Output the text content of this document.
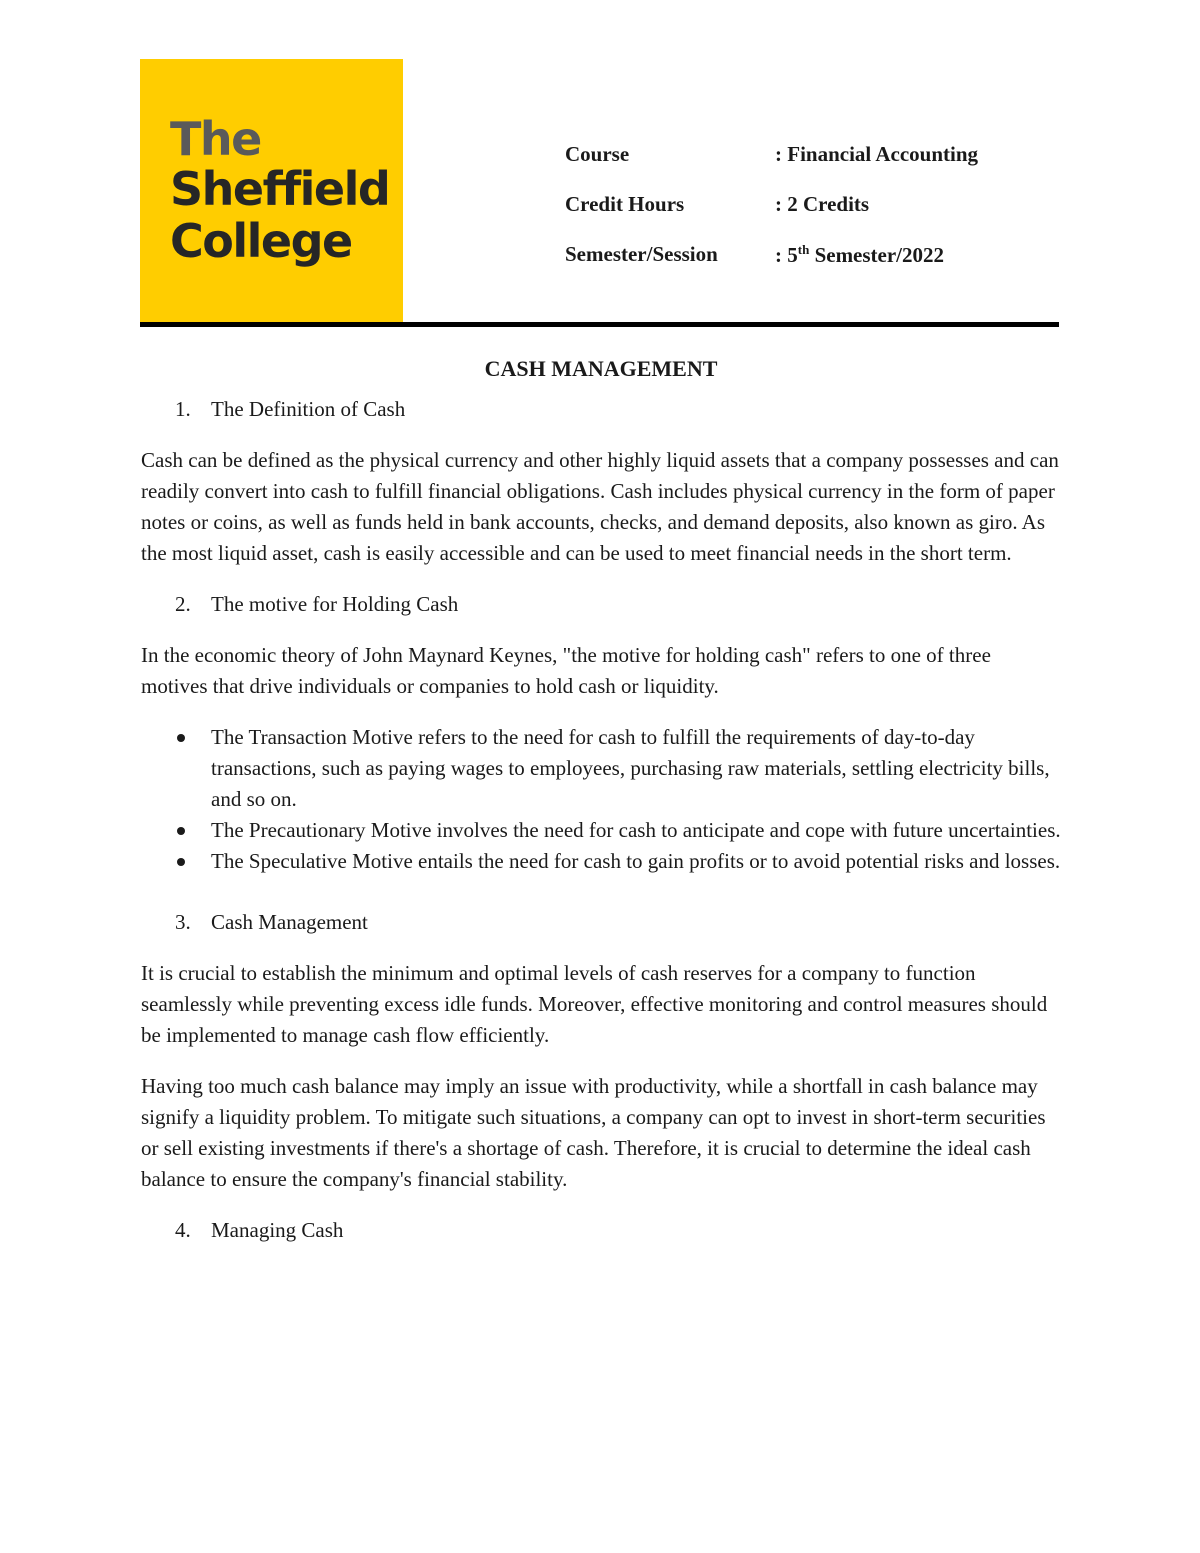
The
Sheffield
College
Course	: Financial Accounting
Credit Hours	: 2 Credits
Semester/Session	: 5th Semester/2022
CASH MANAGEMENT
1. The Definition of Cash

Cash can be defined as the physical currency and other highly liquid assets that a company possesses and can readily convert into cash to fulfill financial obligations. Cash includes physical currency in the form of paper notes or coins, as well as funds held in bank accounts, checks, and demand deposits, also known as giro. As the most liquid asset, cash is easily accessible and can be used to meet financial needs in the short term.

2. The motive for Holding Cash

In the economic theory of John Maynard Keynes, "the motive for holding cash" refers to one of three motives that drive individuals or companies to hold cash or liquidity.

The Transaction Motive refers to the need for cash to fulfill the requirements of day-to-day transactions, such as paying wages to employees, purchasing raw materials, settling electricity bills, and so on.
The Precautionary Motive involves the need for cash to anticipate and cope with future uncertainties.
The Speculative Motive entails the need for cash to gain profits or to avoid potential risks and losses.
3. Cash Management

It is crucial to establish the minimum and optimal levels of cash reserves for a company to function seamlessly while preventing excess idle funds. Moreover, effective monitoring and control measures should be implemented to manage cash flow efficiently.

Having too much cash balance may imply an issue with productivity, while a shortfall in cash balance may signify a liquidity problem. To mitigate such situations, a company can opt to invest in short-term securities or sell existing investments if there's a shortage of cash. Therefore, it is crucial to determine the ideal cash balance to ensure the company's financial stability.

4. Managing Cash
